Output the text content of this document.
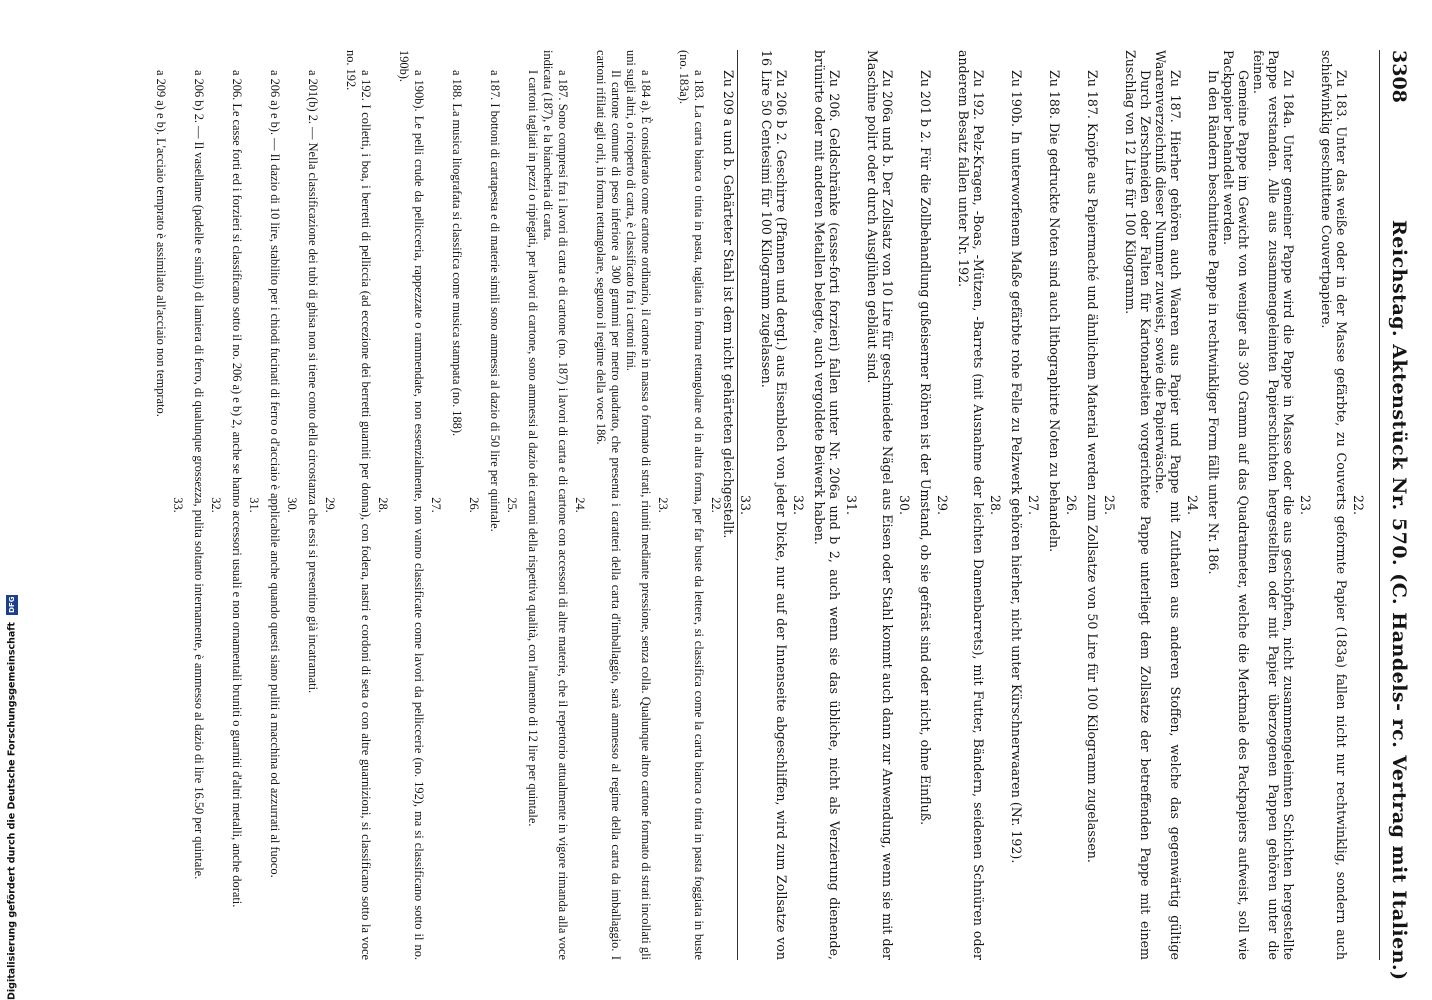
3308
Reichstag. Aktenstück Nr. 570. (C. Handels- rc. Vertrag mit Italien.)
22.

Zu 183. Unter das weiße oder in der Masse gefärbte, zu Couverts geformte Papier (183a) fallen nicht nur rechtwinklig, sondern auch schiefwinklig geschnittene Couvertpapiere.

23.

Zu 184a. Unter gemeiner Pappe wird die Pappe in Masse oder die aus geschöpften, nicht zusammengeleimten Schichten hergestellte Pappe verstanden. Alle aus zusammengeleimten Papierschichten hergestellten oder mit Papier überzogenen Pappen gehören unter die feinen.

Gemeine Pappe im Gewicht von weniger als 300 Gramm auf das Quadratmeter, welche die Merkmale des Packpapiers aufweist, soll wie Packpapier behandelt werden.

In den Rändern beschnittene Pappe in rechtwinkliger Form fällt unter Nr. 186.

24.

Zu 187. Hierher gehören auch Waaren aus Papier und Pappe mit Zuthaten aus anderen Stoffen, welche das gegenwärtig gültige Waarenverzeichniß dieser Nummer zuweist, sowie die Papierwäsche.

Durch Zerschneiden oder Falten für Kartonarbeiten vorgerichtete Pappe unterliegt dem Zollsatze der betreffenden Pappe mit einem Zuschlag von 12 Lire für 100 Kilogramm.

25.

Zu 187. Knöpfe aus Papiermaché und ähnlichem Material werden zum Zollsatze von 50 Lire für 100 Kilogramm zugelassen.

26.

Zu 188. Die gedruckte Noten sind auch lithographirte Noten zu behandeln.

27.

Zu 190b. In unterworfenem Maße gefärbte rohe Felle zu Pelzwerk gehören hierher, nicht unter Kürschnerwaaren (Nr. 192).

28.

Zu 192. Pelz-Kragen, -Boas, -Mützen, -Barrets (mit Ausnahme der leichten Damenbarrets), mit Futter, Bändern, seidenen Schnüren oder anderem Besatz fallen unter Nr. 192.

29.

Zu 201 b 2. Für die Zollbehandlung gußeiserner Röhren ist der Umstand, ob sie gefräst sind oder nicht, ohne Einfluß.

30.

Zu 206a und b. Der Zollsatz von 10 Lire für geschmiedete Nägel aus Eisen oder Stahl kommt auch dann zur Anwendung, wenn sie mit der Maschine polirt oder durch Ausglühen gebläut sind.

31.

Zu 206. Geldschränke (casse-forti forzieri) fallen unter Nr. 206a und b 2, auch wenn sie das übliche, nicht als Verzierung dienende, brünirte oder mit anderen Metallen belegte, auch vergoldete Beiwerk haben.

32.

Zu 206 b 2. Geschirre (Pfannen und dergl.) aus Eisenblech von jeder Dicke, nur auf der Innenseite abgeschliffen, wird zum Zollsatze von 16 Lire 50 Centesimi für 100 Kilogramm zugelassen.

33.

Zu 209 a und b. Gehärteter Stahl ist dem nicht gehärteten gleichgestellt.

22.

a 183. La carta bianca o tinta in pasta, tagliata in forma rettangolare od in altra forma, per far buste da lettere, si classifica come la carta bianca o tinta in pasta foggiata in buste (no. 183a).

23.

a 184 a). È considerato come cartone ordinario, il cartone in massa o formato di strati, riuniti mediante pressione, senza colla. Qualunque altro cartone formato di strati incollati gli uni sugli altri, o ricoperto di carta, è classificato fra i cartoni fini.

Il cartone comune di peso inferiore a 300 grammi per metro quadrato, che presenta i caratteri della carta d'imballaggio, sarà ammesso al regime della carta da imballaggio. I cartoni rifilati agli orli, in forma rettangolare, seguono il regime della voce 186.

24.

a 187. Sono compresi fra i lavori di carta e di cartone (no. 187) i lavori di carta e di cartone con accessori di altre materie, che il repertorio attualmente in vigore rimanda alla voce indicata (187), e la biancheria di carta.

I cartoni tagliati in pezzi o ripiegati, per lavori di cartone, sono ammessi al dazio dei cartoni della rispettiva qualità, con l'aumento di 12 lire per quintale.

25.

a 187. I bottoni di cartapesta e di materie simili sono ammessi al dazio di 50 lire per quintale.

26.

a 188. La musica litografata si classifica come musica stampata (no. 188).

27.

a 190b). Le pelli crude da pellicceria, rappezzate o rammendate, non essenzialmente, non vanno classificate come lavori da pelliccerie (no. 192), ma si classificano sotto il no. 190b).

28.

a 192. I colletti, i boa, i berretti di pelliccia (ad eccezione dei berretti guarniti per donna), con fodera, nastri e cordoni di seta o con altre guarnizioni, si classificano sotto la voce no. 192.

29.

a 201(b) 2. — Nella classificazione dei tubi di ghisa non si tiene conto della circostanza che essi si presentino già incatramati.

30.

a 206 a) e b). — Il dazio di 10 lire, stabilito per i chiodi fucinati di ferro o d'acciaio è applicabile anche quando questi siano puliti a macchina od azzurrati al fuoco.

31.

a 206. Le casse forti ed i forzieri si classificano sotto il no. 206 a) e b) 2, anche se hanno accessori usuali e non ornamentali bruniti o guarniti d'altri metalli, anche dorati.

32.

a 206 b) 2. — Il vasellame (padelle e simili) di lamiera di ferro, di qualunque grossezza, pulita soltanto internamente, è ammesso al dazio di lire 16.50 per quintale.

33.

a 209 a) e b). L'acciaio temprato è assimilato all'acciaio non temprato.

Digitalisierung gefördert durch die Deutsche Forschungsgemeinschaft DFG
